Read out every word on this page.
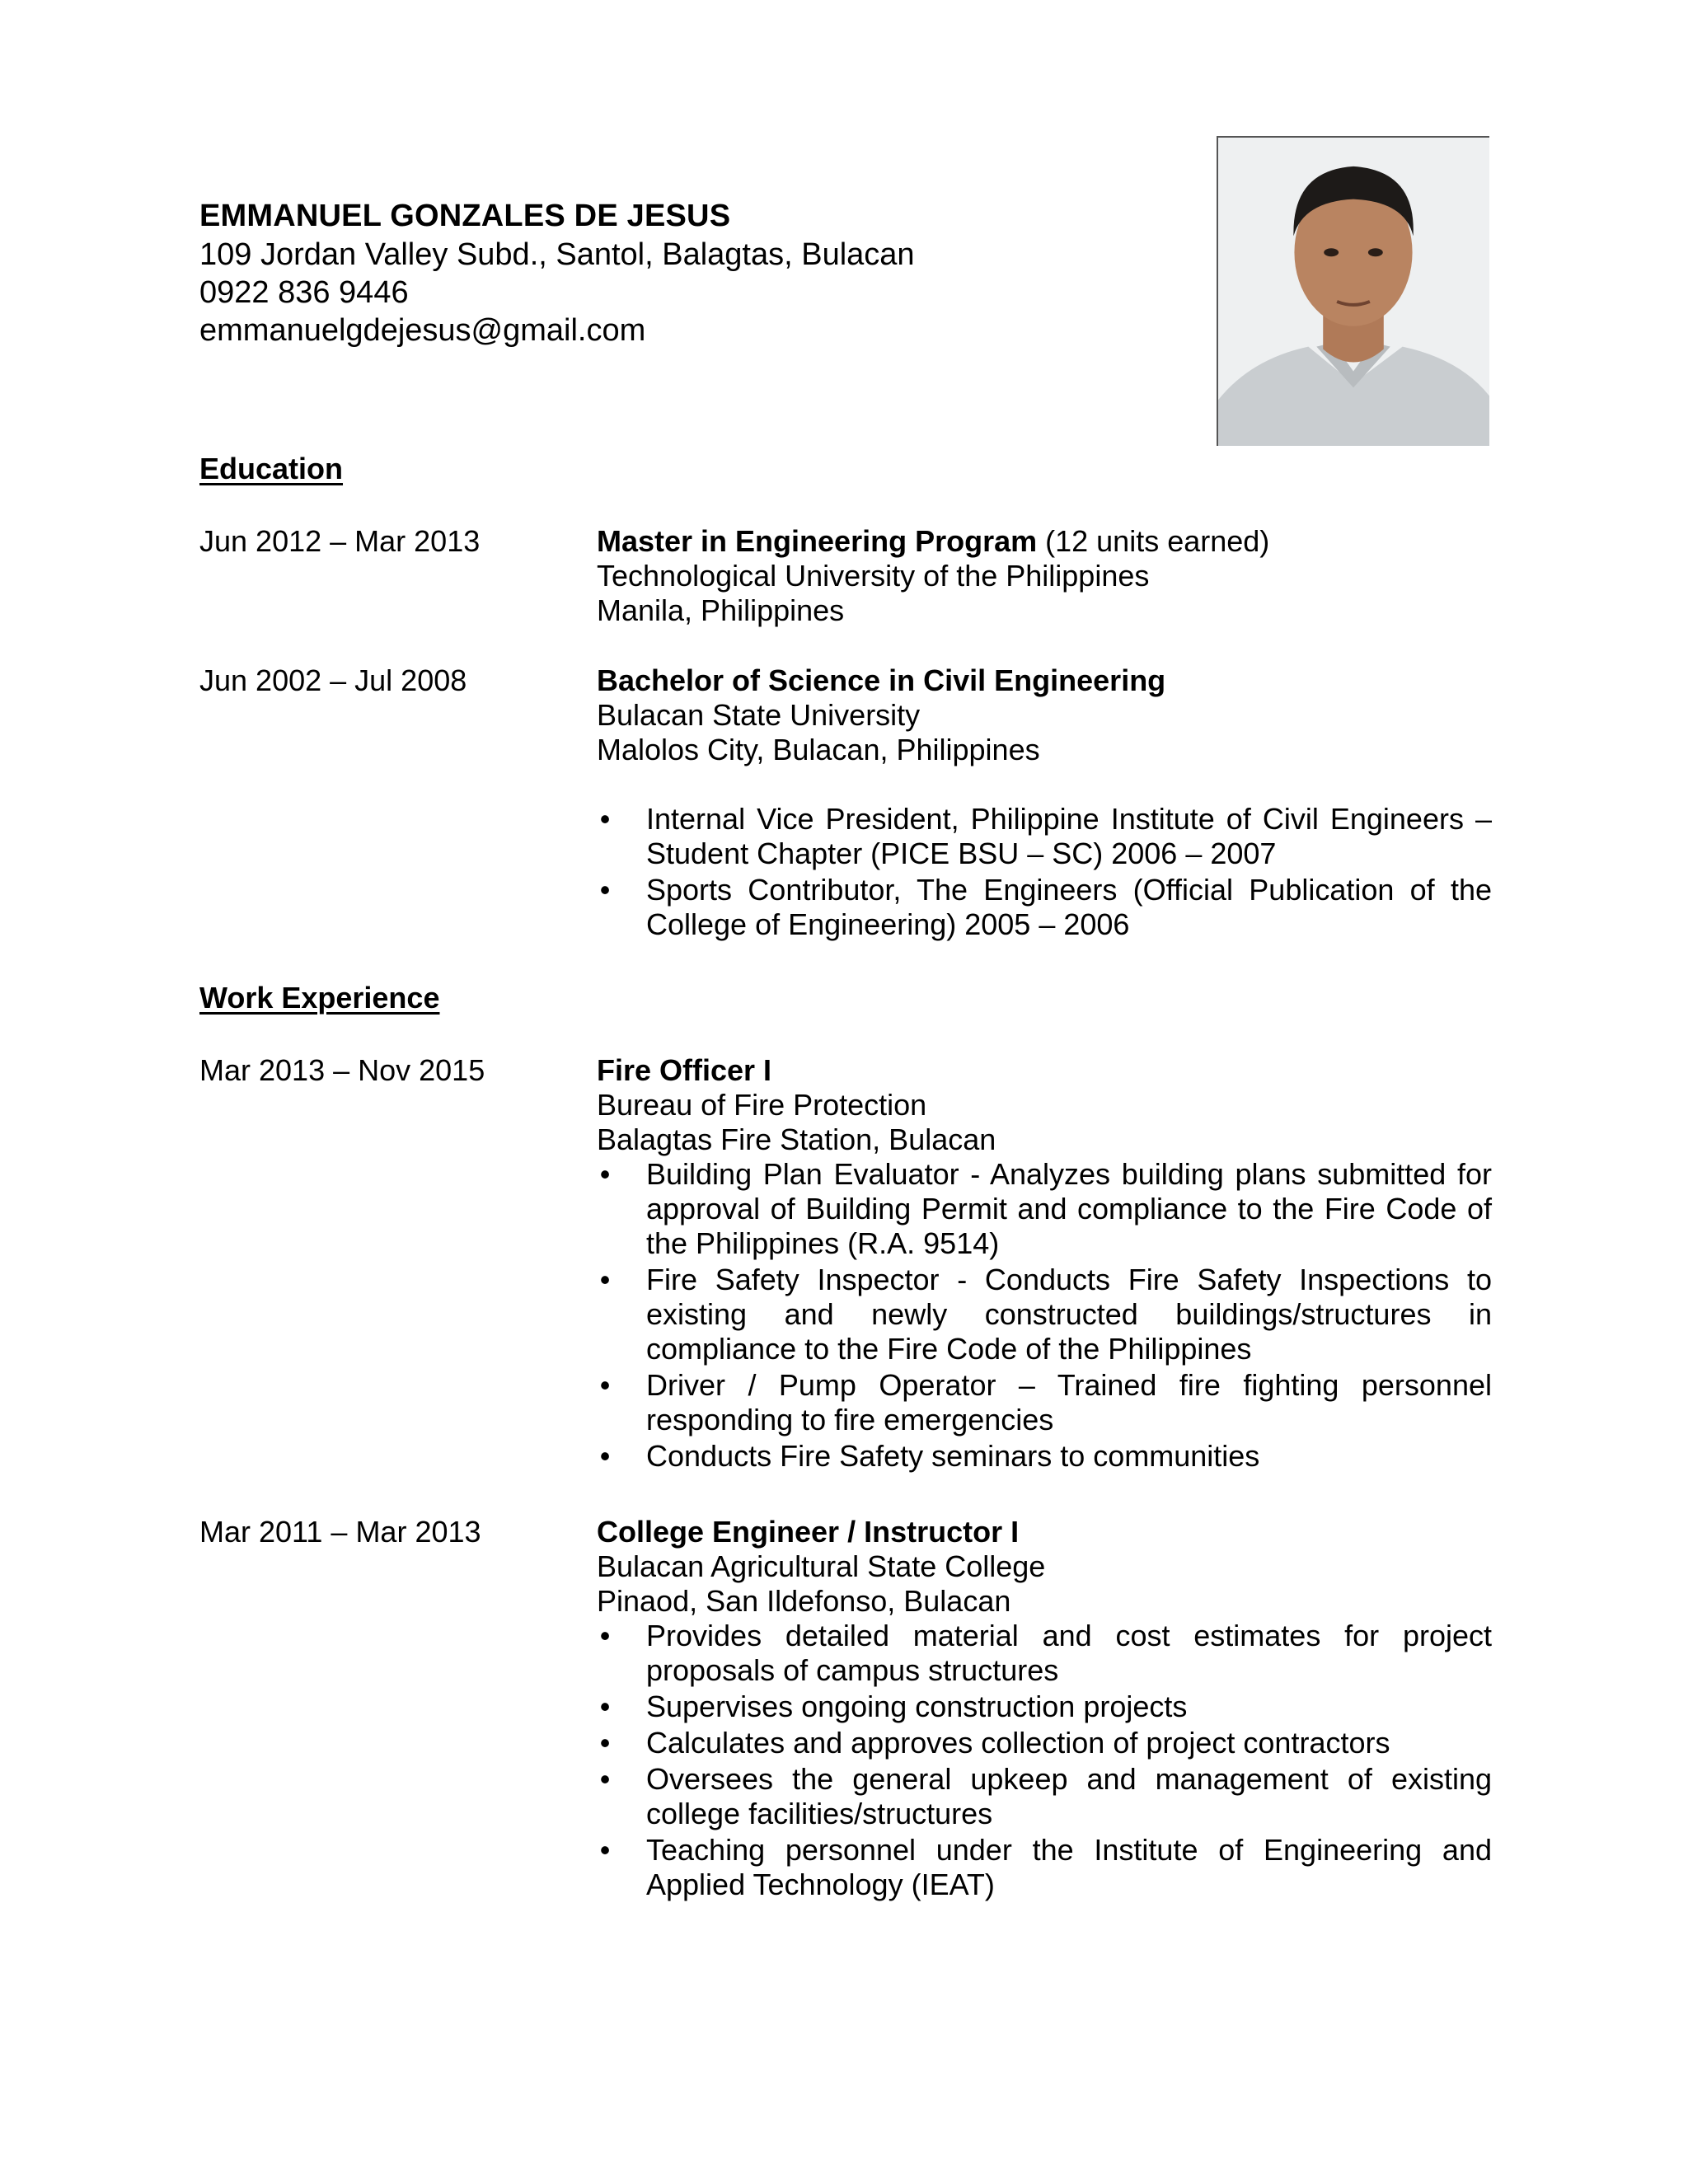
EMMANUEL GONZALES DE JESUS
109 Jordan Valley Subd., Santol, Balagtas, Bulacan
0922 836 9446
emmanuelgdejesus@gmail.com
Education
Jun 2012 – Mar 2013	Master in Engineering Program (12 units earned)
Technological University of the Philippines
Manila, Philippines
Jun 2002 – Jul 2008	Bachelor of Science in Civil Engineering
Bulacan State University
Malolos City, Bulacan, Philippines
• Internal Vice President, Philippine Institute of Civil Engineers – Student Chapter (PICE BSU – SC) 2006 – 2007
• Sports Contributor, The Engineers (Official Publication of the College of Engineering) 2005 – 2006
Work Experience
Mar 2013 – Nov 2015	Fire Officer I
Bureau of Fire Protection
Balagtas Fire Station, Bulacan
• Building Plan Evaluator - Analyzes building plans submitted for approval of Building Permit and compliance to the Fire Code of the Philippines (R.A. 9514)
• Fire Safety Inspector - Conducts Fire Safety Inspections to existing and newly constructed buildings/structures in compliance to the Fire Code of the Philippines
• Driver / Pump Operator – Trained fire fighting personnel responding to fire emergencies
• Conducts Fire Safety seminars to communities
Mar 2011 – Mar 2013	College Engineer / Instructor I
Bulacan Agricultural State College
Pinaod, San Ildefonso, Bulacan
• Provides detailed material and cost estimates for project proposals of campus structures
• Supervises ongoing construction projects
• Calculates and approves collection of project contractors
• Oversees the general upkeep and management of existing college facilities/structures
• Teaching personnel under the Institute of Engineering and Applied Technology (IEAT)
